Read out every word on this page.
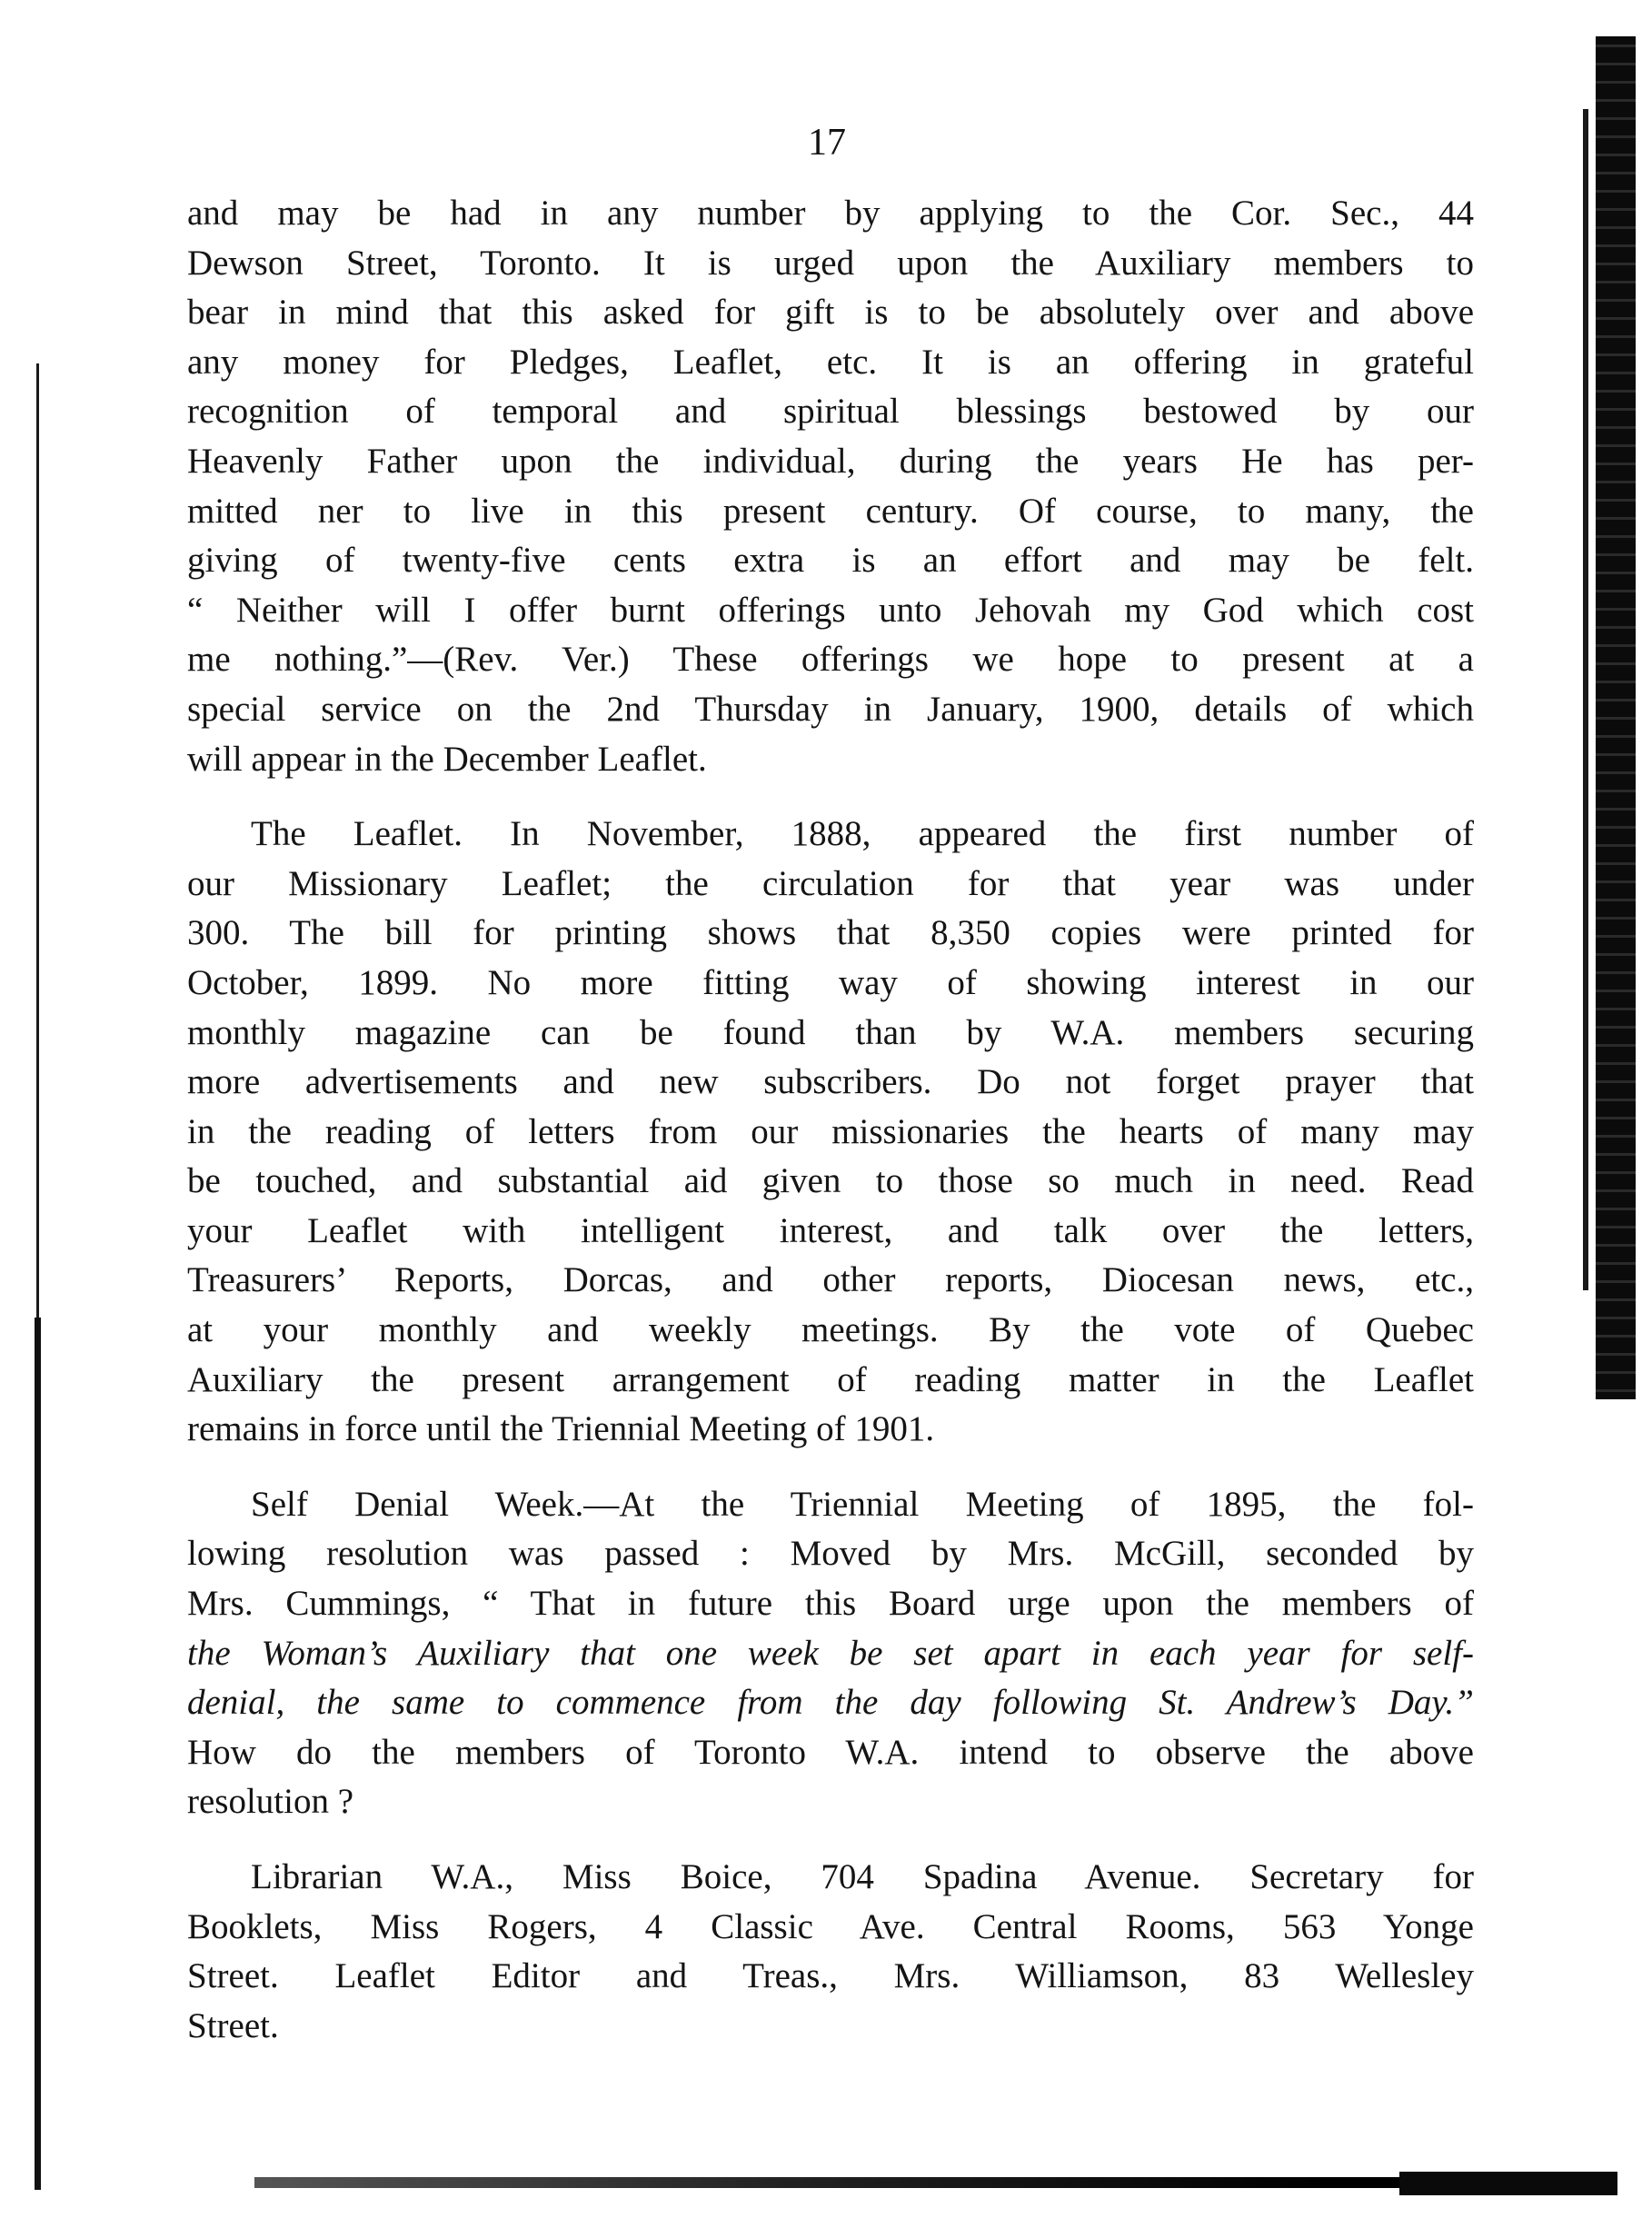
17
and may be had in any number by applying to the Cor. Sec., 44
Dewson Street, Toronto. It is urged upon the Auxiliary members to
bear in mind that this asked for gift is to be absolutely over and above
any money for Pledges, Leaflet, etc. It is an offering in grateful
recognition of temporal and spiritual blessings bestowed by our
Heavenly Father upon the individual, during the years He has per-
mitted ner to live in this present century. Of course, to many, the
giving of twenty-five cents extra is an effort and may be felt.
“ Neither will I offer burnt offerings unto Jehovah my God which cost
me nothing.”—(Rev. Ver.) These offerings we hope to present at a
special service on the 2nd Thursday in January, 1900, details of which
will appear in the December Leaflet.
The Leaflet. In November, 1888, appeared the first number of
our Missionary Leaflet; the circulation for that year was under
300. The bill for printing shows that 8,350 copies were printed for
October, 1899. No more fitting way of showing interest in our
monthly magazine can be found than by W.A. members securing
more advertisements and new subscribers. Do not forget prayer that
in the reading of letters from our missionaries the hearts of many may
be touched, and substantial aid given to those so much in need. Read
your Leaflet with intelligent interest, and talk over the letters,
Treasurers’ Reports, Dorcas, and other reports, Diocesan news, etc.,
at your monthly and weekly meetings. By the vote of Quebec
Auxiliary the present arrangement of reading matter in the Leaflet
remains in force until the Triennial Meeting of 1901.
Self Denial Week.—At the Triennial Meeting of 1895, the fol-
lowing resolution was passed : Moved by Mrs. McGill, seconded by
Mrs. Cummings, “ That in future this Board urge upon the members of
the Woman’s Auxiliary that one week be set apart in each year for self-
denial, the same to commence from the day following St. Andrew’s Day.”
How do the members of Toronto W.A. intend to observe the above
resolution ?
Librarian W.A., Miss Boice, 704 Spadina Avenue. Secretary for
Booklets, Miss Rogers, 4 Classic Ave. Central Rooms, 563 Yonge
Street. Leaflet Editor and Treas., Mrs. Williamson, 83 Wellesley
Street.
